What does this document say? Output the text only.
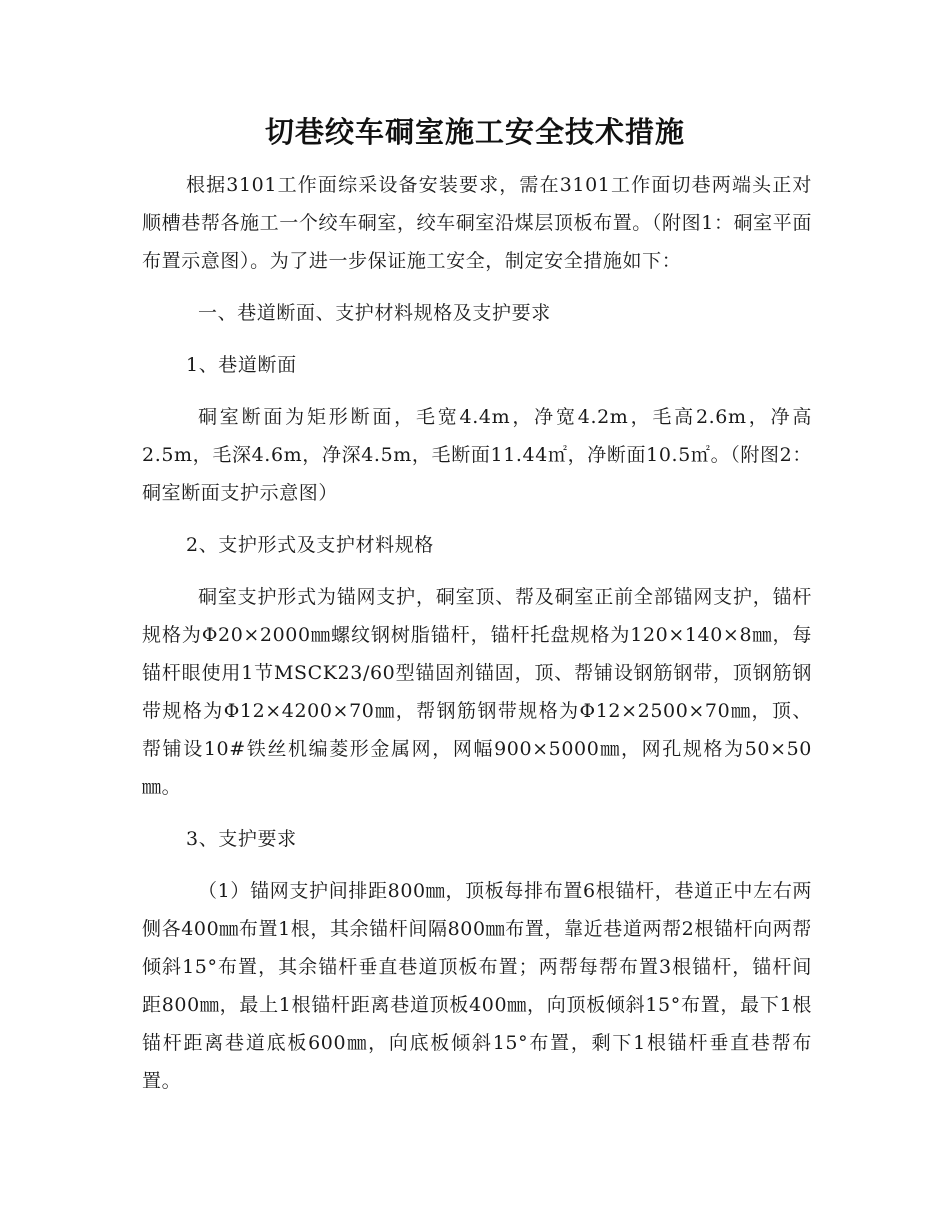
切巷绞车硐室施工安全技术措施

根据3101工作面综采设备安装要求，需在3101工作面切巷两端头正对顺槽巷帮各施工一个绞车硐室，绞车硐室沿煤层顶板布置。（附图1：硐室平面布置示意图）。为了进一步保证施工安全，制定安全措施如下：

一、巷道断面、支护材料规格及支护要求

1、巷道断面

硐室断面为矩形断面，毛宽4.4m，净宽4.2m，毛高2.6m，净高2.5m，毛深4.6m，净深4.5m，毛断面11.44㎡，净断面10.5㎡。（附图2：硐室断面支护示意图）

2、支护形式及支护材料规格

硐室支护形式为锚网支护，硐室顶、帮及硐室正前全部锚网支护，锚杆规格为Φ20×2000㎜螺纹钢树脂锚杆，锚杆托盘规格为120×140×8㎜，每锚杆眼使用1节MSCK23/60型锚固剂锚固，顶、帮铺设钢筋钢带，顶钢筋钢带规格为Φ12×4200×70㎜，帮钢筋钢带规格为Φ12×2500×70㎜，顶、帮铺设10#铁丝机编菱形金属网，网幅900×5000㎜，网孔规格为50×50㎜。

3、支护要求

（1）锚网支护间排距800㎜，顶板每排布置6根锚杆，巷道正中左右两侧各400㎜布置1根，其余锚杆间隔800㎜布置，靠近巷道两帮2根锚杆向两帮倾斜15°布置，其余锚杆垂直巷道顶板布置；两帮每帮布置3根锚杆，锚杆间距800㎜，最上1根锚杆距离巷道顶板400㎜，向顶板倾斜15°布置，最下1根锚杆距离巷道底板600㎜，向底板倾斜15°布置，剩下1根锚杆垂直巷帮布置。
